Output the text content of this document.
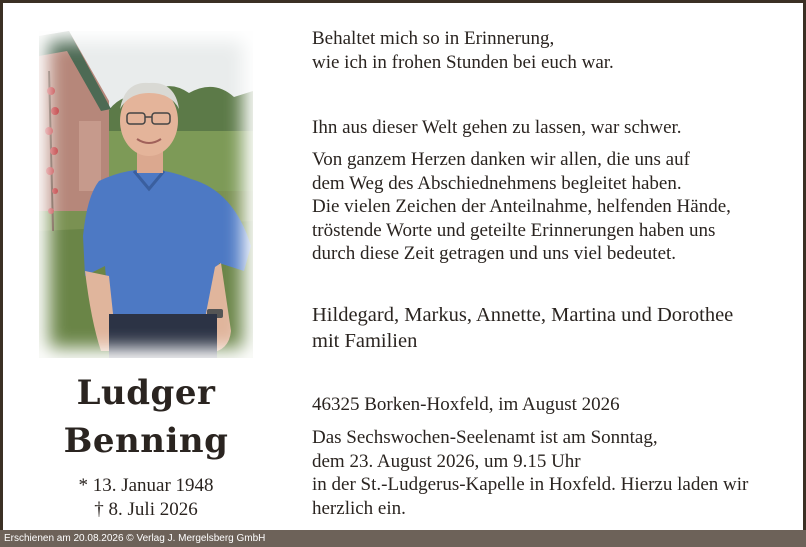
Ludger
Benning
* 13. Januar 1948
† 8. Juli 2026
Behaltet mich so in Erinnerung,
wie ich in frohen Stunden bei euch war.
Ihn aus dieser Welt gehen zu lassen, war schwer.
Von ganzem Herzen danken wir allen, die uns auf
dem Weg des Abschiednehmens begleitet haben.
Die vielen Zeichen der Anteilnahme, helfenden Hände,
tröstende Worte und geteilte Erinnerungen haben uns
durch diese Zeit getragen und uns viel bedeutet.
Hildegard, Markus, Annette, Martina und Dorothee
mit Familien
46325 Borken-Hoxfeld, im August 2026
Das Sechswochen-Seelenamt ist am Sonntag,
dem 23. August 2026, um 9.15 Uhr
in der St.-Ludgerus-Kapelle in Hoxfeld. Hierzu laden wir
herzlich ein.
Erschienen am 20.08.2026 © Verlag J. Mergelsberg GmbH
